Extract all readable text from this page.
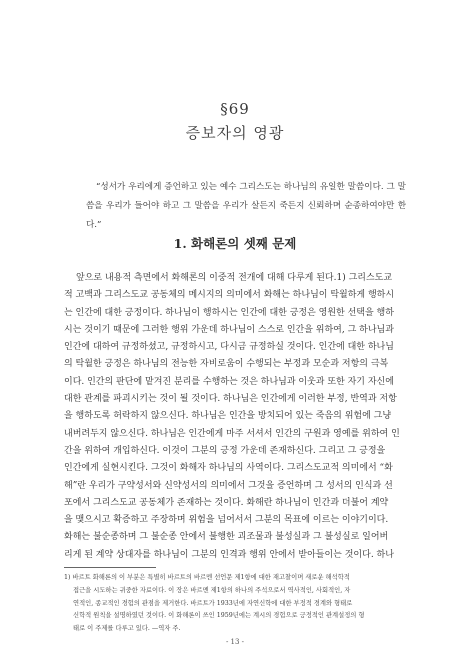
§69
증보자의 영광
“성서가 우리에게 증언하고 있는 예수 그리스도는 하나님의 유일한 말씀이다. 그 말씀을 우리가 들어야 하고 그 말씀을 우리가 살든지 죽든지 신뢰하며 순종하여야만 한다.”
1. 화해론의 셋째 문제
앞으로 내용적 측면에서 화해론의 이중적 전개에 대해 다루게 된다.1) 그리스도교
적 고백과 그리스도교 공동체의 메시지의 의미에서 화해는 하나님이 탁월하게 행하시
는 인간에 대한 긍정이다. 하나님이 행하시는 인간에 대한 긍정은 영원한 선택을 행하
시는 것이기 때문에 그러한 행위 가운데 하나님이 스스로 인간을 위하여, 그 하나님과
인간에 대하여 규정하셨고, 규정하시고, 다시금 규정하실 것이다. 인간에 대한 하나님
의 탁월한 긍정은 하나님의 전능한 자비로움이 수행되는 부정과 모순과 저항의 극복
이다. 인간의 판단에 맡겨진 분리를 수행하는 것은 하나님과 이웃과 또한 자기 자신에
대한 관계를 파괴시키는 것이 될 것이다. 하나님은 인간에게 이러한 부정, 반역과 저항
을 행하도록 허락하지 않으신다. 하나님은 인간을 방치되어 있는 죽음의 위험에 그냥
내버려두지 않으신다. 하나님은 인간에게 마주 서셔서 인간의 구원과 영예를 위하여 인
간을 위하여 개입하신다. 이것이 그분의 긍정 가운데 존재하신다. 그리고 그 긍정을
인간에게 실현시킨다. 그것이 화해자 하나님의 사역이다. 그리스도교적 의미에서 “화
해”란 우리가 구약성서와 신약성서의 의미에서 그것을 증언하며 그 성서의 인식과 선
포에서 그리스도교 공동체가 존재하는 것이다. 화해란 하나님이 인간과 더불어 계약
을 맺으시고 확증하고 주장하며 위험을 넘어서서 그분의 목표에 이르는 이야기이다.
화해는 불순종하며 그 불순종 안에서 불행한 괴조물과 불성실과 그 불성실로 일어버
리게 된 계약 상대자를 하나님이 그분의 인격과 행위 안에서 받아들이는 것이다. 하나
1) 바르트 화해론의 이 부분은 특별히 바르트의 바르멘 선언문 제1항에 대한 재고찰이며 새로운 해석학적
접근을 시도하는 귀중한 자료이다. 이 장은 바르멘 제1항의 하나의 주석으로서 역사적인, 사회적인, 자
연적인, 종교적인 경험의 관점을 제거한다. 바르트가 1933년에 자연신학에 대한 부정적 경계와 형태로
신학적 원칙을 설명하였던 것이다. 이 화해론이 쓰인 1959년에는 계시의 경험으로 긍정적인 관계설정의 형
태로 이 주제를 다루고 있다. —역자 주.
- 13 -
